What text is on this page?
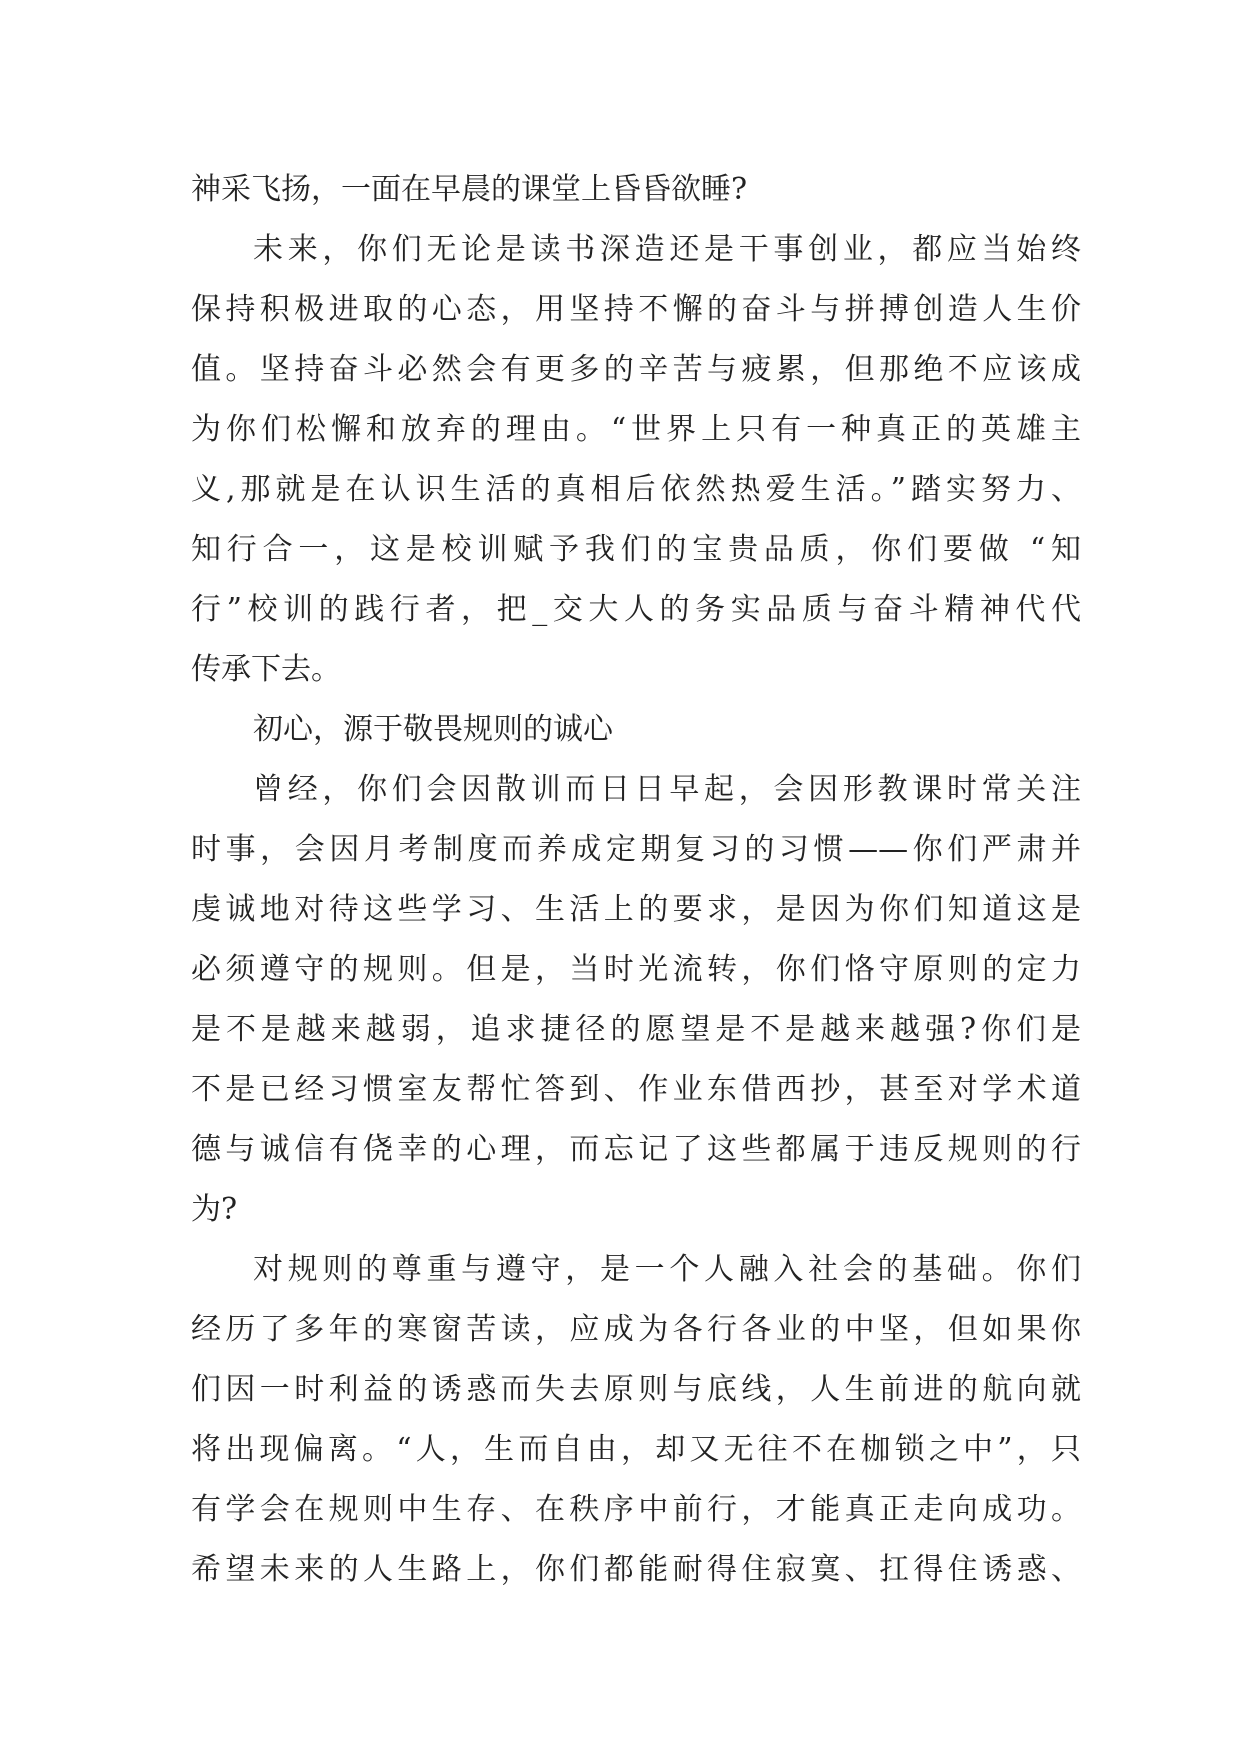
神采飞扬，一面在早晨的课堂上昏昏欲睡?
未来，你们无论是读书深造还是干事创业，都应当始终
保持积极进取的心态，用坚持不懈的奋斗与拼搏创造人生价
值。坚持奋斗必然会有更多的辛苦与疲累，但那绝不应该成
为你们松懈和放弃的理由。“世界上只有一种真正的英雄主
义,那就是在认识生活的真相后依然热爱生活。”踏实努力、
知行合一，这是校训赋予我们的宝贵品质，你们要做 “知
行”校训的践行者，把_交大人的务实品质与奋斗精神代代
传承下去。
初心，源于敬畏规则的诚心
曾经，你们会因散训而日日早起，会因形教课时常关注
时事，会因月考制度而养成定期复习的习惯——你们严肃并
虔诚地对待这些学习、生活上的要求，是因为你们知道这是
必须遵守的规则。但是，当时光流转，你们恪守原则的定力
是不是越来越弱，追求捷径的愿望是不是越来越强?你们是
不是已经习惯室友帮忙答到、作业东借西抄，甚至对学术道
德与诚信有侥幸的心理，而忘记了这些都属于违反规则的行
为?
对规则的尊重与遵守，是一个人融入社会的基础。你们
经历了多年的寒窗苦读，应成为各行各业的中坚，但如果你
们因一时利益的诱惑而失去原则与底线，人生前进的航向就
将出现偏离。“人，生而自由，却又无往不在枷锁之中”，只
有学会在规则中生存、在秩序中前行，才能真正走向成功。
希望未来的人生路上，你们都能耐得住寂寞、扛得住诱惑、
